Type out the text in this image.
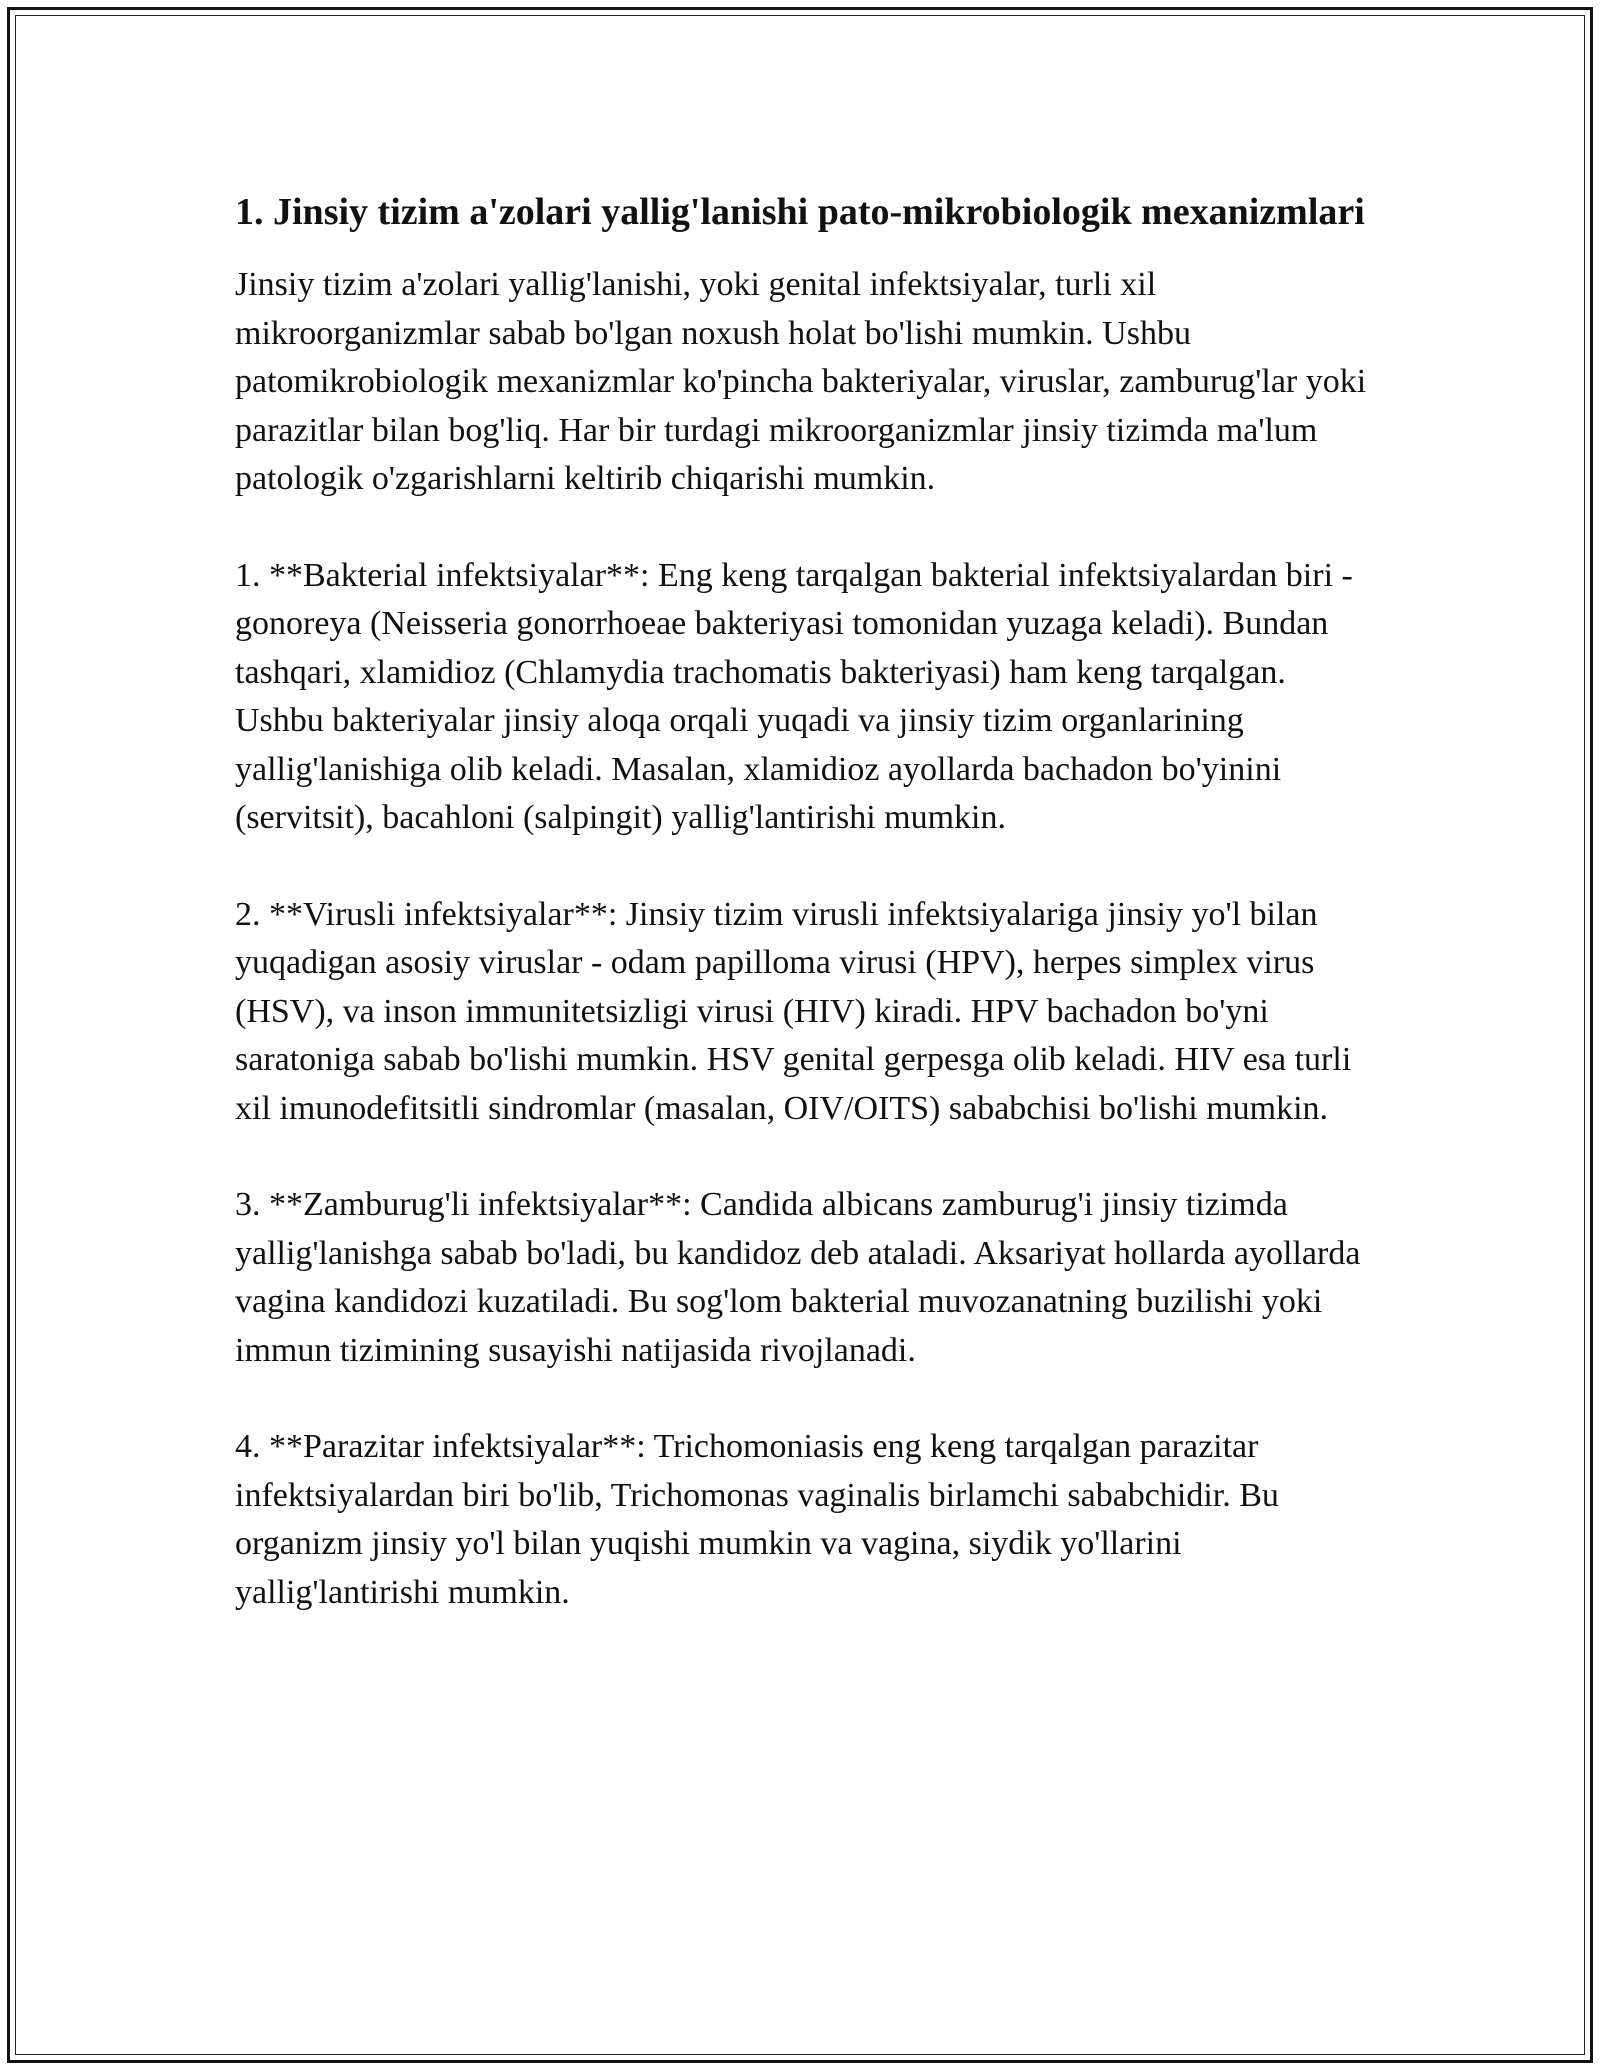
1. Jinsiy tizim a'zolari yallig'lanishi pato-mikrobiologik mexanizmlari

Jinsiy tizim a'zolari yallig'lanishi, yoki genital infektsiyalar, turli xil mikroorganizmlar sabab bo'lgan noxush holat bo'lishi mumkin. Ushbu patomikrobiologik mexanizmlar ko'pincha bakteriyalar, viruslar, zamburug'lar yoki parazitlar bilan bog'liq. Har bir turdagi mikroorganizmlar jinsiy tizimda ma'lum patologik o'zgarishlarni keltirib chiqarishi mumkin.

1. **Bakterial infektsiyalar**: Eng keng tarqalgan bakterial infektsiyalardan biri - gonoreya (Neisseria gonorrhoeae bakteriyasi tomonidan yuzaga keladi). Bundan tashqari, xlamidioz (Chlamydia trachomatis bakteriyasi) ham keng tarqalgan. Ushbu bakteriyalar jinsiy aloqa orqali yuqadi va jinsiy tizim organlarining yallig'lanishiga olib keladi. Masalan, xlamidioz ayollarda bachadon bo'yinini (servitsit), bacahloni (salpingit) yallig'lantirishi mumkin.

2. **Virusli infektsiyalar**: Jinsiy tizim virusli infektsiyalariga jinsiy yo'l bilan yuqadigan asosiy viruslar - odam papilloma virusi (HPV), herpes simplex virus (HSV), va inson immunitetsizligi virusi (HIV) kiradi. HPV bachadon bo'yni saratoniga sabab bo'lishi mumkin. HSV genital gerpesga olib keladi. HIV esa turli xil imunodefitsitli sindromlar (masalan, OIV/OITS) sababchisi bo'lishi mumkin.

3. **Zamburug'li infektsiyalar**: Candida albicans zamburug'i jinsiy tizimda yallig'lanishga sabab bo'ladi, bu kandidoz deb ataladi. Aksariyat hollarda ayollarda vagina kandidozi kuzatiladi. Bu sog'lom bakterial muvozanatning buzilishi yoki immun tizimining susayishi natijasida rivojlanadi.

4. **Parazitar infektsiyalar**: Trichomoniasis eng keng tarqalgan parazitar infektsiyalardan biri bo'lib, Trichomonas vaginalis birlamchi sababchidir. Bu organizm jinsiy yo'l bilan yuqishi mumkin va vagina, siydik yo'llarini yallig'lantirishi mumkin.
